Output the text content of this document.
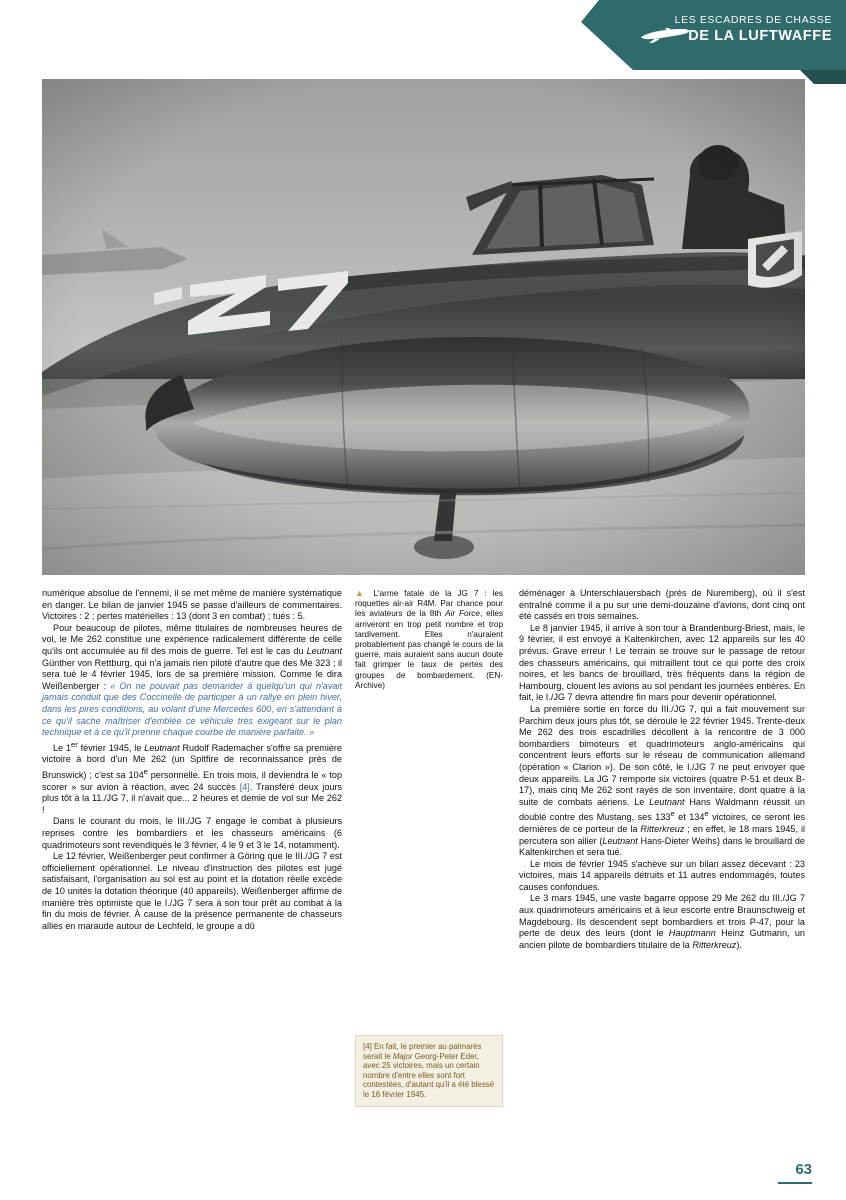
LES ESCADRES DE CHASSE
DE LA LUFTWAFFE

numérique absolue de l'ennemi, il se met même de manière systématique en danger. Le bilan de janvier 1945 se passe d'ailleurs de commentaires. Victoires : 2 ; pertes matérielles : 13 (dont 3 en combat) ; tués : 5.

Pour beaucoup de pilotes, même titulaires de nombreuses heures de vol, le Me 262 constitue une expérience radicalement différente de celle qu'ils ont accumulée au fil des mois de guerre. Tel est le cas du Leutnant Günther von Rettburg, qui n'a jamais rien piloté d'autre que des Me 323 ; il sera tué le 4 février 1945, lors de sa première mission. Comme le dira Weißenberger : « On ne pouvait pas demander à quelqu'un qui n'avait jamais conduit que des Coccinelle de participer à un rallye en plein hiver, dans les pires conditions, au volant d'une Mercedes 600, en s'attendant à ce qu'il sache maîtriser d'emblée ce véhicule très exigeant sur le plan technique et à ce qu'il prenne chaque courbe de manière parfaite. »

Le 1er février 1945, le Leutnant Rudolf Rademacher s'offre sa première victoire à bord d'un Me 262 (un Spitfire de reconnaissance près de Brunswick) ; c'est sa 104e personnelle. En trois mois, il deviendra le « top scorer » sur avion à réaction, avec 24 succès [4]. Transféré deux jours plus tôt à la 11./JG 7, il n'avait que... 2 heures et demie de vol sur Me 262 !

Dans le courant du mois, le III./JG 7 engage le combat à plusieurs reprises contre les bombardiers et les chasseurs américains (6 quadrimoteurs sont revendiqués le 3 février, 4 le 9 et 3 le 14, notamment).

Le 12 février, Weißenberger peut confirmer à Göring que le III./JG 7 est officiellement opérationnel. Le niveau d'instruction des pilotes est jugé satisfaisant, l'organisation au sol est au point et la dotation réelle excède de 10 unités la dotation théorique (40 appareils). Weißenberger affirme de manière très optimiste que le I./JG 7 sera à son tour prêt au combat à la fin du mois de février. À cause de la présence permanente de chasseurs alliés en maraude autour de Lechfeld, le groupe a dû

▲ L'arme fatale de la JG 7 : les roquettes air-air R4M. Par chance pour les aviateurs de la 8th Air Force, elles arriveront en trop petit nombre et trop tardivement. Elles n'auraient probablement pas changé le cours de la guerre, mais auraient sans aucun doute fait grimper le taux de pertes des groupes de bombardement. (EN-Archive)

[4] En fait, le premier au palmarès serait le Major Georg-Peter Eder, avec 25 victoires, mais un certain nombre d'entre elles sont fort contestées, d'autant qu'il a été blessé le 16 février 1945.

déménager à Unterschlauersbach (près de Nuremberg), où il s'est entraîné comme il a pu sur une demi-douzaine d'avions, dont cinq ont été cassés en trois semaines.

Le 8 janvier 1945, il arrive à son tour à Brandenburg-Briest, mais, le 9 février, il est envoyé à Kaltenkirchen, avec 12 appareils sur les 40 prévus. Grave erreur ! Le terrain se trouve sur le passage de retour des chasseurs américains, qui mitraillent tout ce qui porte des croix noires, et les bancs de brouillard, très fréquents dans la région de Hambourg, clouent les avions au sol pendant les journées entières. En fait, le I./JG 7 devra attendre fin mars pour devenir opérationnel.

La première sortie en force du III./JG 7, qui a fait mouvement sur Parchim deux jours plus tôt, se déroule le 22 février 1945. Trente-deux Me 262 des trois escadrilles décollent à la rencontre de 3 000 bombardiers bimoteurs et quadrimoteurs anglo-américains qui concentrent leurs efforts sur le réseau de communication allemand (opération « Clarion »). De son côté, le I./JG 7 ne peut envoyer que deux appareils. La JG 7 remporte six victoires (quatre P-51 et deux B-17), mais cinq Me 262 sont rayés de son inventaire, dont quatre à la suite de combats aériens. Le Leutnant Hans Waldmann réussit un doublé contre des Mustang, ses 133e et 134e victoires, ce seront les dernières de ce porteur de la Ritterkreuz ; en effet, le 18 mars 1945, il percutera son ailier (Leutnant Hans-Dieter Weihs) dans le brouillard de Kaltenkirchen et sera tué.

Le mois de février 1945 s'achève sur un bilan assez décevant : 23 victoires, mais 14 appareils détruits et 11 autres endommagés, toutes causes confondues.

Le 3 mars 1945, une vaste bagarre oppose 29 Me 262 du III./JG 7 aux quadrimoteurs américains et à leur escorte entre Braunschweig et Magdebourg. Ils descendent sept bombardiers et trois P-47, pour la perte de deux des leurs (dont le Hauptmann Heinz Gutmann, un ancien pilote de bombardiers titulaire de la Ritterkreuz).

63
